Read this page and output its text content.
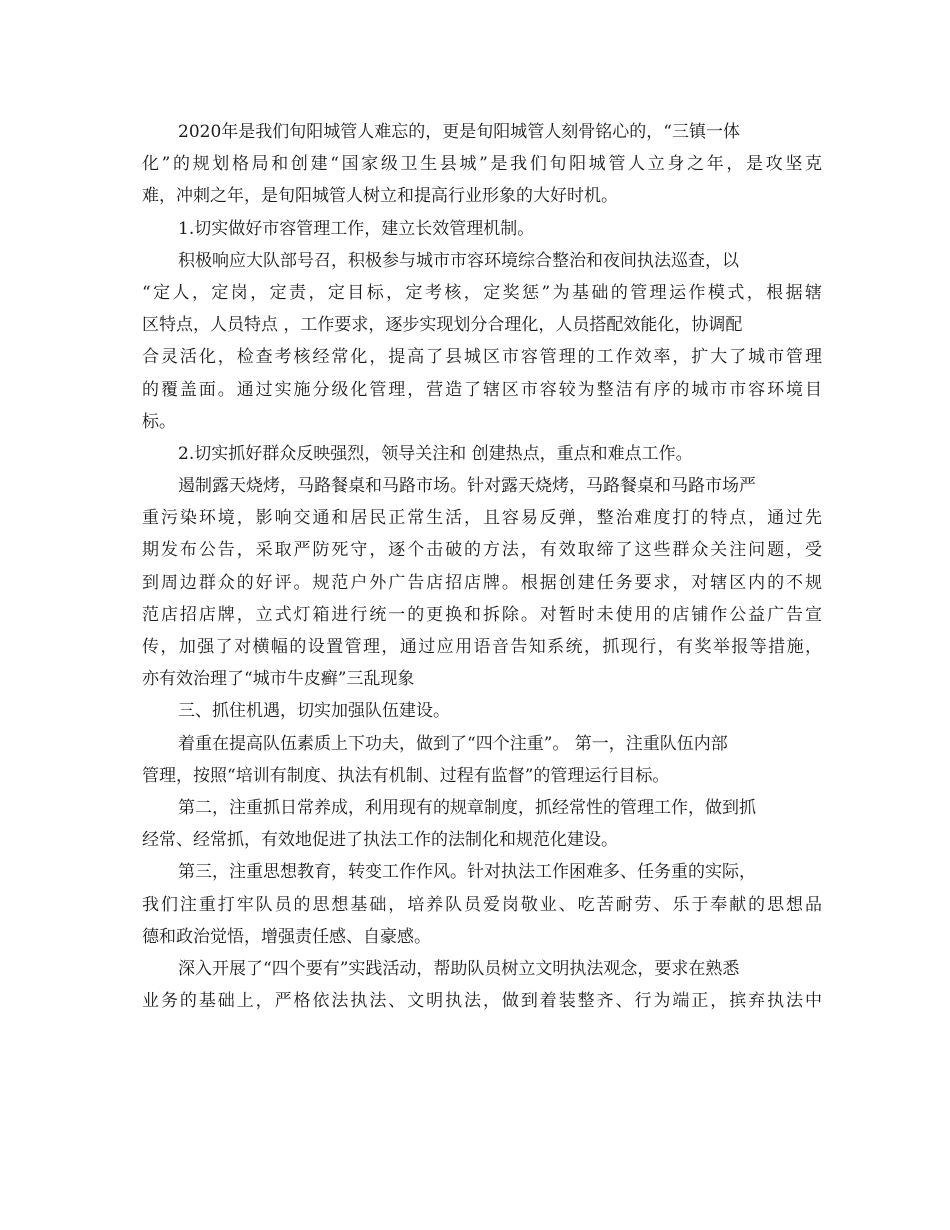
2020年是我们旬阳城管人难忘的，更是旬阳城管人刻骨铭心的，“三镇一体
化”的规划格局和创建“国家级卫生县城”是我们旬阳城管人立身之年，是攻坚克
难，冲刺之年，是旬阳城管人树立和提高行业形象的大好时机。
1.切实做好市容管理工作，建立长效管理机制。
积极响应大队部号召，积极参与城市市容环境综合整治和夜间执法巡查，以
“定人，定岗，定责，定目标，定考核，定奖惩”为基础的管理运作模式，根据辖
区特点，人员特点 ，工作要求，逐步实现划分合理化，人员搭配效能化，协调配
合灵活化，检查考核经常化，提高了县城区市容管理的工作效率，扩大了城市管理
的覆盖面。通过实施分级化管理，营造了辖区市容较为整洁有序的城市市容环境目
标。
2.切实抓好群众反映强烈，领导关注和 创建热点，重点和难点工作。
遏制露天烧烤，马路餐桌和马路市场。针对露天烧烤，马路餐桌和马路市场严
重污染环境，影响交通和居民正常生活，且容易反弹，整治难度打的特点，通过先
期发布公告，采取严防死守，逐个击破的方法，有效取缔了这些群众关注问题，受
到周边群众的好评。规范户外广告店招店牌。根据创建任务要求，对辖区内的不规
范店招店牌，立式灯箱进行统一的更换和拆除。对暂时未使用的店铺作公益广告宣
传，加强了对横幅的设置管理，通过应用语音告知系统，抓现行，有奖举报等措施，
亦有效治理了“城市牛皮癣”三乱现象
三、抓住机遇，切实加强队伍建设。
着重在提高队伍素质上下功夫，做到了“四个注重”。 第一，注重队伍内部
管理，按照“培训有制度、执法有机制、过程有监督”的管理运行目标。
第二，注重抓日常养成，利用现有的规章制度，抓经常性的管理工作，做到抓
经常、经常抓，有效地促进了执法工作的法制化和规范化建设。
第三，注重思想教育，转变工作作风。针对执法工作困难多、任务重的实际，
我们注重打牢队员的思想基础，培养队员爱岗敬业、吃苦耐劳、乐于奉献的思想品
德和政治觉悟，增强责任感、自豪感。
深入开展了“四个要有”实践活动，帮助队员树立文明执法观念，要求在熟悉
业务的基础上，严格依法执法、文明执法，做到着装整齐、行为端正，摈弃执法中
